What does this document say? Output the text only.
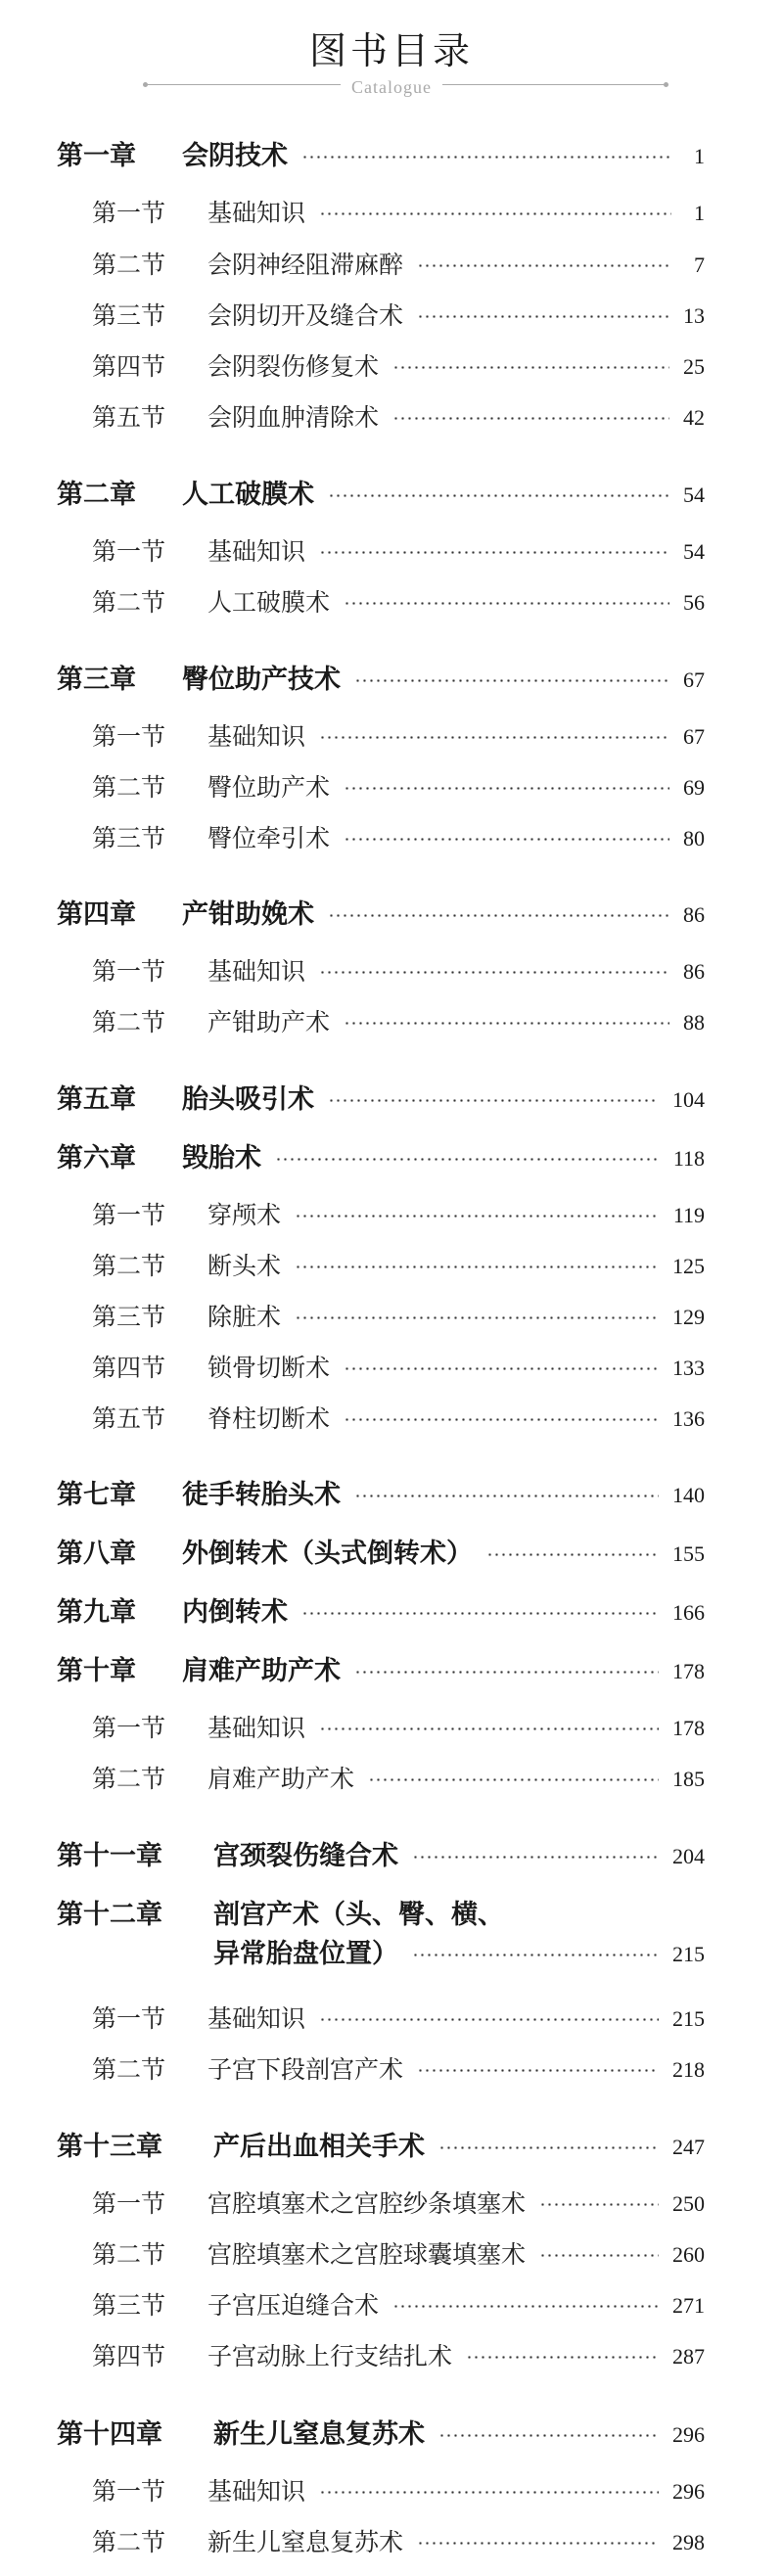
图书目录
Catalogue
第一章 会阴技术	1
第一节 基础知识	1
第二节 会阴神经阻滞麻醉	7
第三节 会阴切开及缝合术	13
第四节 会阴裂伤修复术	25
第五节 会阴血肿清除术	42
第二章 人工破膜术	54
第一节 基础知识	54
第二节 人工破膜术	56
第三章 臀位助产技术	67
第一节 基础知识	67
第二节 臀位助产术	69
第三节 臀位牵引术	80
第四章 产钳助娩术	86
第一节 基础知识	86
第二节 产钳助产术	88
第五章 胎头吸引术	104
第六章 毁胎术	118
第一节 穿颅术	119
第二节 断头术	125
第三节 除脏术	129
第四节 锁骨切断术	133
第五节 脊柱切断术	136
第七章 徒手转胎头术	140
第八章 外倒转术（头式倒转术）	155
第九章 内倒转术	166
第十章 肩难产助产术	178
第一节 基础知识	178
第二节 肩难产助产术	185
第十一章 宫颈裂伤缝合术	204
第十二章 剖宫产术（头、臀、横、
异常胎盘位置）	215
第一节 基础知识	215
第二节 子宫下段剖宫产术	218
第十三章 产后出血相关手术	247
第一节 宫腔填塞术之宫腔纱条填塞术	250
第二节 宫腔填塞术之宫腔球囊填塞术	260
第三节 子宫压迫缝合术	271
第四节 子宫动脉上行支结扎术	287
第十四章 新生儿窒息复苏术	296
第一节 基础知识	296
第二节 新生儿窒息复苏术	298
